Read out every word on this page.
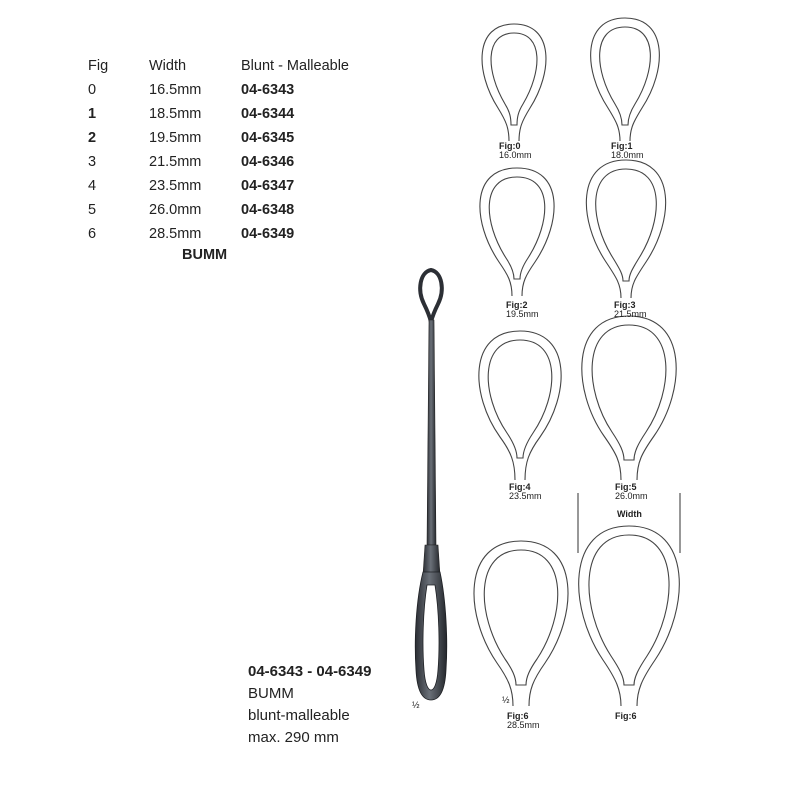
Fig	Width	Blunt - Malleable
0	16.5mm	04-6343
1	18.5mm	04-6344
2	19.5mm	04-6345
3	21.5mm	04-6346
4	23.5mm	04-6347
5	26.0mm	04-6348
6	28.5mm	04-6349
BUMM
Fig:0
16.0mm
Fig:1
18.0mm
Fig:2
19.5mm
Fig:3
21.5mm
Fig:4
23.5mm
Fig:5
26.0mm
Width
Fig:6
28.5mm
Fig:6
½	½
04-6343 - 04-6349
BUMM
blunt-malleable
max. 290 mm
